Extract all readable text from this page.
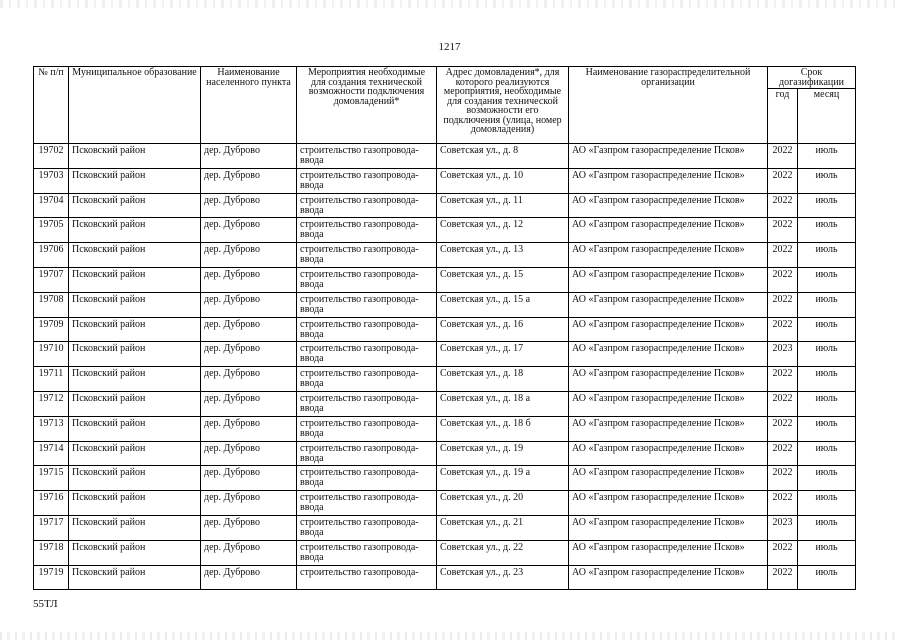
1217
№ п/п	Муниципальное образование	Наименование населенного пункта	Мероприятия необходимые для создания технической возможности подключения домовладений*	Адрес домовладения*, для которого реализуются мероприятия, необходимые для создания технической возможности его подключения (улица, номер домовладения)	Наименование газораспределительной организации	Срок догазификации	
						год	месяц
19702	Псковский район	дер. Дуброво	строительство газопровода-ввода	Советская ул., д. 8	АО «Газпром газораспределение Псков»	2022	июль
19703	Псковский район	дер. Дуброво	строительство газопровода-ввода	Советская ул., д. 10	АО «Газпром газораспределение Псков»	2022	июль
19704	Псковский район	дер. Дуброво	строительство газопровода-ввода	Советская ул., д. 11	АО «Газпром газораспределение Псков»	2022	июль
19705	Псковский район	дер. Дуброво	строительство газопровода-ввода	Советская ул., д. 12	АО «Газпром газораспределение Псков»	2022	июль
19706	Псковский район	дер. Дуброво	строительство газопровода-ввода	Советская ул., д. 13	АО «Газпром газораспределение Псков»	2022	июль
19707	Псковский район	дер. Дуброво	строительство газопровода-ввода	Советская ул., д. 15	АО «Газпром газораспределение Псков»	2022	июль
19708	Псковский район	дер. Дуброво	строительство газопровода-ввода	Советская ул., д. 15 а	АО «Газпром газораспределение Псков»	2022	июль
19709	Псковский район	дер. Дуброво	строительство газопровода-ввода	Советская ул., д. 16	АО «Газпром газораспределение Псков»	2022	июль
19710	Псковский район	дер. Дуброво	строительство газопровода-ввода	Советская ул., д. 17	АО «Газпром газораспределение Псков»	2023	июль
19711	Псковский район	дер. Дуброво	строительство газопровода-ввода	Советская ул., д. 18	АО «Газпром газораспределение Псков»	2022	июль
19712	Псковский район	дер. Дуброво	строительство газопровода-ввода	Советская ул., д. 18 а	АО «Газпром газораспределение Псков»	2022	июль
19713	Псковский район	дер. Дуброво	строительство газопровода-ввода	Советская ул., д. 18 б	АО «Газпром газораспределение Псков»	2022	июль
19714	Псковский район	дер. Дуброво	строительство газопровода-ввода	Советская ул., д. 19	АО «Газпром газораспределение Псков»	2022	июль
19715	Псковский район	дер. Дуброво	строительство газопровода-ввода	Советская ул., д. 19 а	АО «Газпром газораспределение Псков»	2022	июль
19716	Псковский район	дер. Дуброво	строительство газопровода-ввода	Советская ул., д. 20	АО «Газпром газораспределение Псков»	2022	июль
19717	Псковский район	дер. Дуброво	строительство газопровода-ввода	Советская ул., д. 21	АО «Газпром газораспределение Псков»	2023	июль
19718	Псковский район	дер. Дуброво	строительство газопровода-ввода	Советская ул., д. 22	АО «Газпром газораспределение Псков»	2022	июль
19719	Псковский район	дер. Дуброво	строительство газопровода-	Советская ул., д. 23	АО «Газпром газораспределение Псков»	2022	июль
55ТЛ
